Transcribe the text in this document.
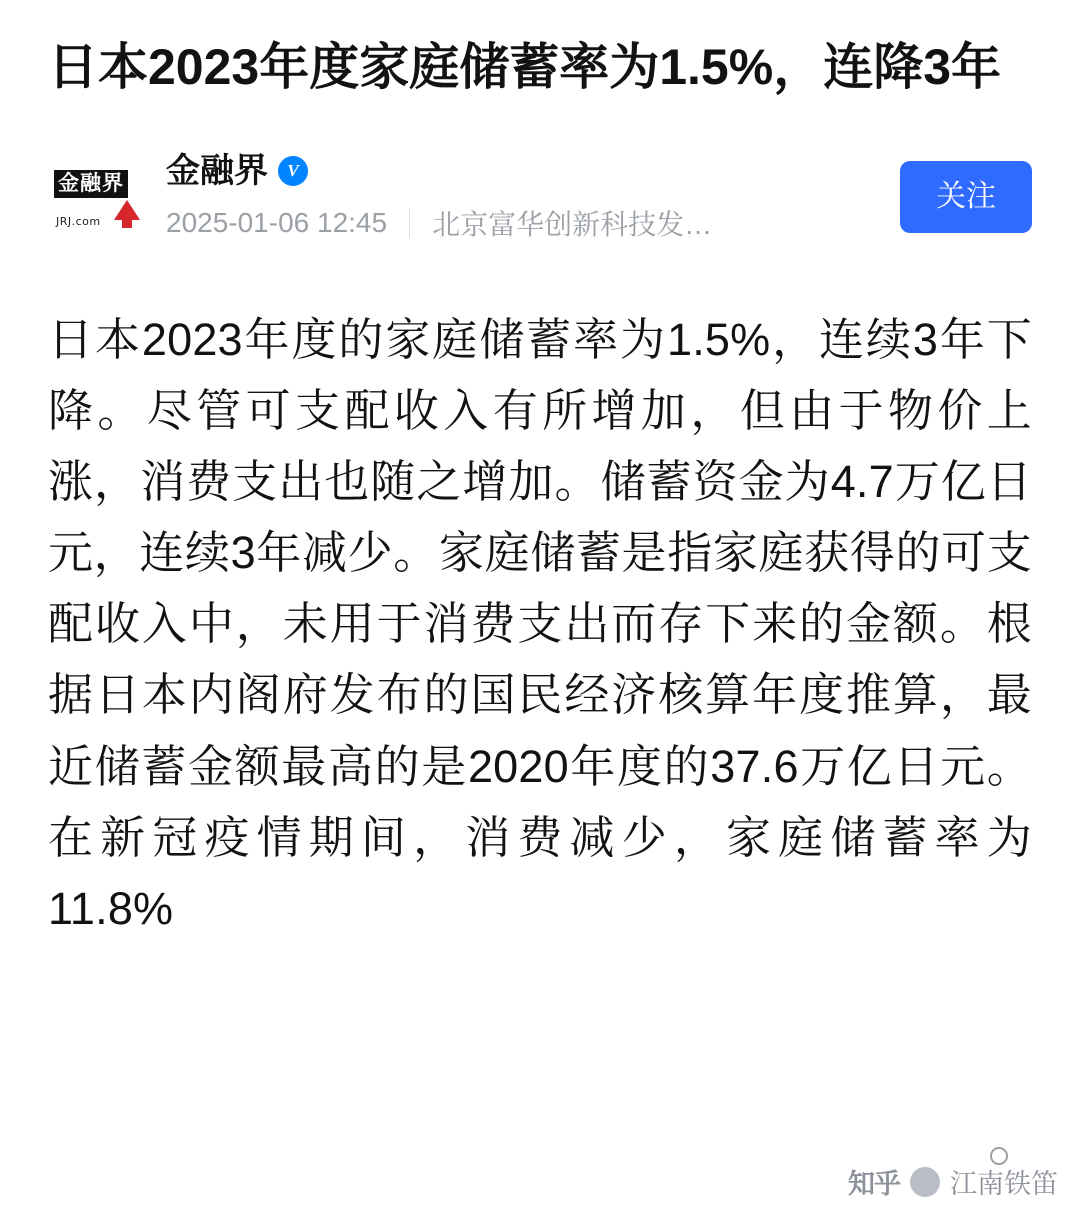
日本2023年度家庭储蓄率为1.5%，连降3年
金融界
JRJ.com
金融界	V
2025-01-06 12:45 北京富华创新科技发…
关注

日本2023年度的家庭储蓄率为1.5%，连续3年下降。尽管可支配收入有所增加，但由于物价上涨，消费支出也随之增加。储蓄资金为4.7万亿日元，连续3年减少。家庭储蓄是指家庭获得的可支配收入中，未用于消费支出而存下来的金额。根据日本内阁府发布的国民经济核算年度推算，最近储蓄金额最高的是2020年度的37.6万亿日元。在新冠疫情期间，消费减少，家庭储蓄率为11.8%

知乎 江南铁笛
